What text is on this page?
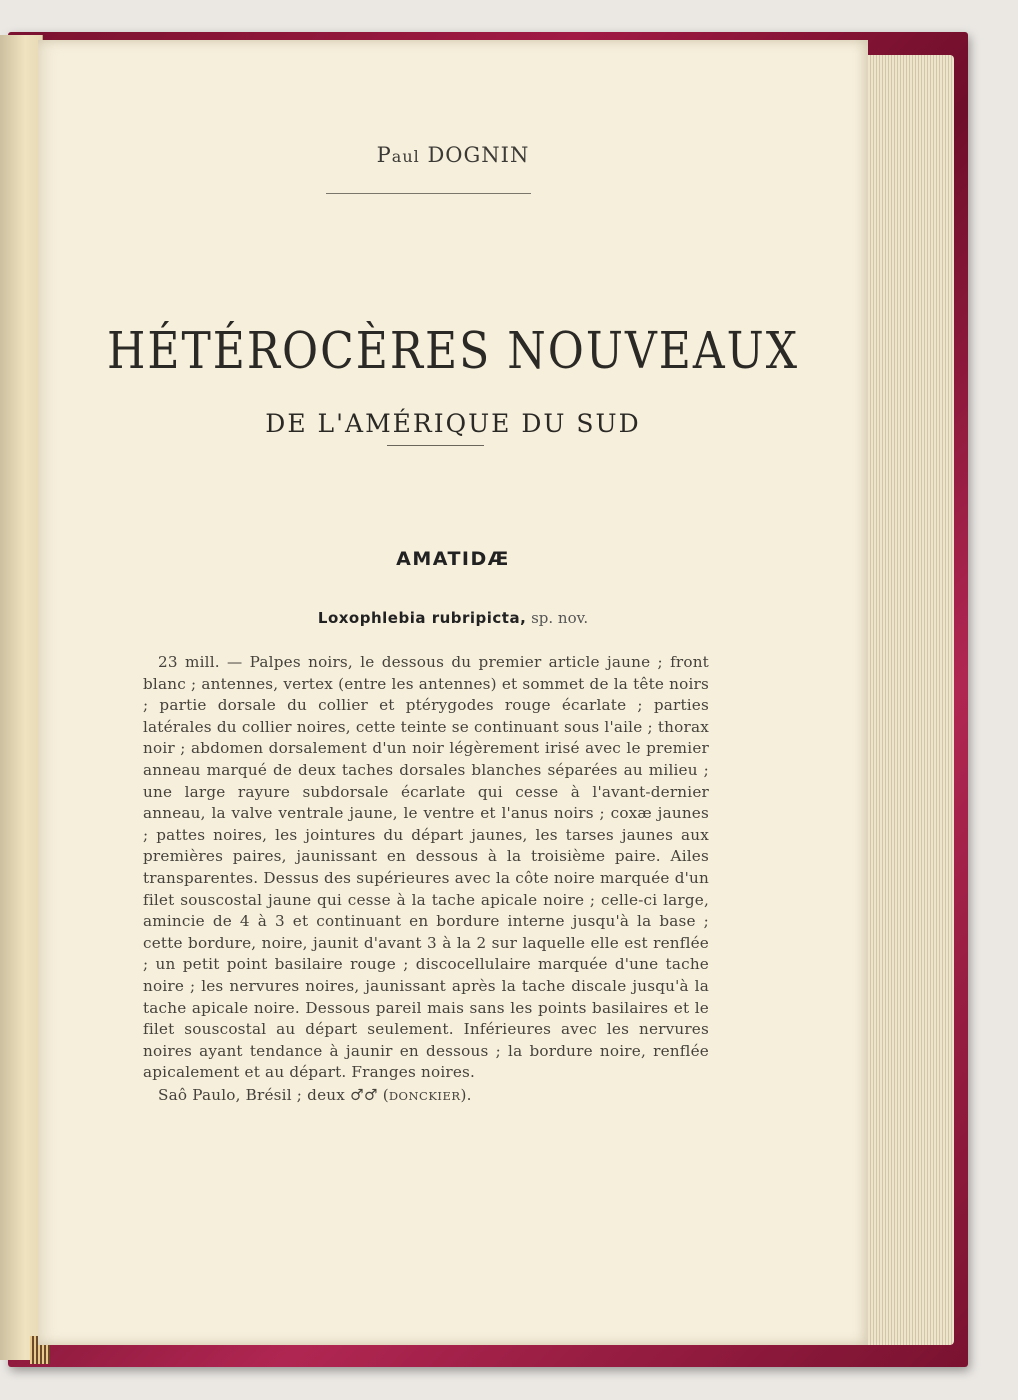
Paul DOGNIN
HÉTÉROCÈRES NOUVEAUX
DE L'AMÉRIQUE DU SUD
AMATIDÆ
Loxophlebia rubripicta, sp. nov.

23 mill. — Palpes noirs, le dessous du premier article jaune ; front blanc ; antennes, vertex (entre les antennes) et sommet de la tête noirs ; partie dorsale du collier et ptérygodes rouge écarlate ; parties latérales du collier noires, cette teinte se continuant sous l'aile ; thorax noir ; abdomen dorsalement d'un noir légèrement irisé avec le premier anneau marqué de deux taches dorsales blanches séparées au milieu ; une large rayure subdorsale écarlate qui cesse à l'avant-dernier anneau, la valve ventrale jaune, le ventre et l'anus noirs ; coxæ jaunes ; pattes noires, les jointures du départ jaunes, les tarses jaunes aux premières paires, jaunissant en dessous à la troisième paire. Ailes transparentes. Dessus des supérieures avec la côte noire marquée d'un filet souscostal jaune qui cesse à la tache apicale noire ; celle-ci large, amincie de 4 à 3 et continuant en bordure interne jusqu'à la base ; cette bordure, noire, jaunit d'avant 3 à la 2 sur laquelle elle est renflée ; un petit point basilaire rouge ; discocellulaire marquée d'une tache noire ; les nervures noires, jaunissant après la tache discale jusqu'à la tache apicale noire. Dessous pareil mais sans les points basilaires et le filet souscostal au départ seulement. Inférieures avec les nervures noires ayant tendance à jaunir en dessous ; la bordure noire, renflée apicalement et au départ. Franges noires.

Saô Paulo, Brésil ; deux ♂♂ (DONCKIER).
